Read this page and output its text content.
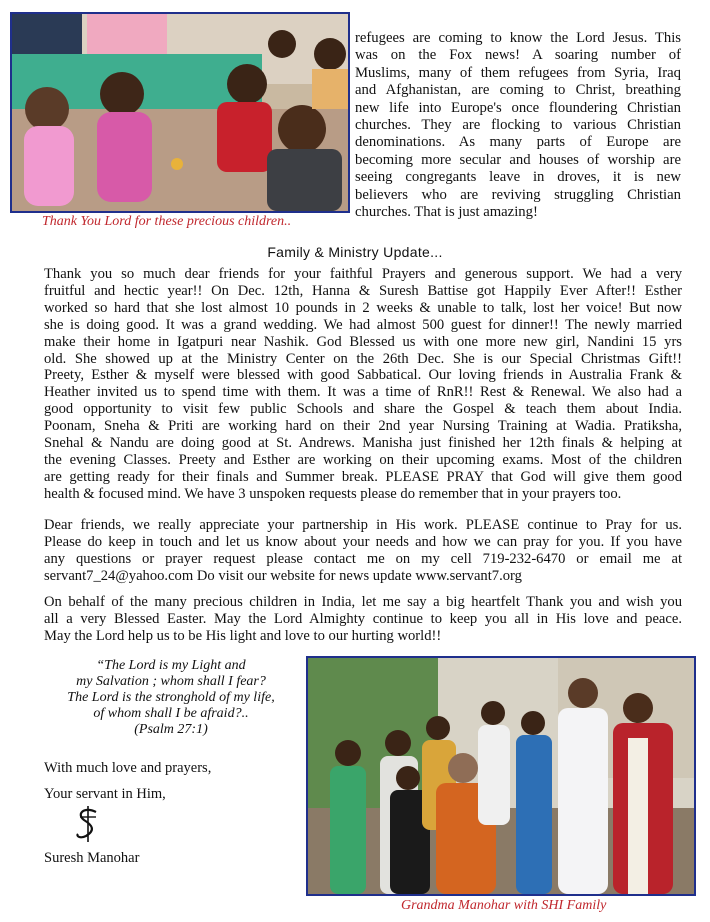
Thank You Lord for these precious children..
refugees are coming to know the Lord Jesus. This
was on the Fox news! A soaring number of
Muslims, many of them refugees from Syria, Iraq
and Afghanistan, are coming to Christ, breathing
new life into Europe's once floundering Christian
churches. They are flocking to various Christian
denominations. As many parts of Europe are
becoming more secular and houses of worship are
seeing congregants leave in droves, it is new
believers who are reviving struggling Christian
churches. That is just amazing!
Family & Ministry Update...
Thank you so much dear friends for your faithful Prayers and generous support. We had a very
fruitful and hectic year!! On Dec. 12th, Hanna & Suresh Battise got Happily Ever After!! Esther
worked so hard that she lost almost 10 pounds in 2 weeks & unable to talk, lost her voice! But now
she is doing good. It was a grand wedding. We had almost 500 guest for dinner!! The newly married
make their home in Igatpuri near Nashik. God Blessed us with one more new girl, Nandini 15 yrs
old. She showed up at the Ministry Center on the 26th Dec. She is our Special Christmas Gift!!
Preety, Esther & myself were blessed with good Sabbatical. Our loving friends in Australia Frank &
Heather invited us to spend time with them. It was a time of RnR!! Rest & Renewal. We also had a
good opportunity to visit few public Schools and share the Gospel & teach them about India.
Poonam, Sneha & Priti are working hard on their 2nd year Nursing Training at Wadia. Pratiksha,
Snehal & Nandu are doing good at St. Andrews. Manisha just finished her 12th finals & helping at
the evening Classes. Preety and Esther are working on their upcoming exams. Most of the children
are getting ready for their finals and Summer break. PLEASE PRAY that God will give them good
health & focused mind. We have 3 unspoken requests please do remember that in your prayers too.
Dear friends, we really appreciate your partnership in His work. PLEASE continue to Pray for us.
Please do keep in touch and let us know about your needs and how we can pray for you. If you have
any questions or prayer request please contact me on my cell 719-232-6470 or email me at
servant7_24@yahoo.com Do visit our website for news update www.servant7.org
On behalf of the many precious children in India, let me say a big heartfelt Thank you and wish you
all a very Blessed Easter. May the Lord Almighty continue to keep you all in His love and peace.
May the Lord help us to be His light and love to our hurting world!!
“The Lord is my Light and
my Salvation ; whom shall I fear?
The Lord is the stronghold of my life,
of whom shall I be afraid?..
(Psalm 27:1)
With much love and prayers,
Your servant in Him,
Suresh Manohar
Grandma Manohar with SHI Family
